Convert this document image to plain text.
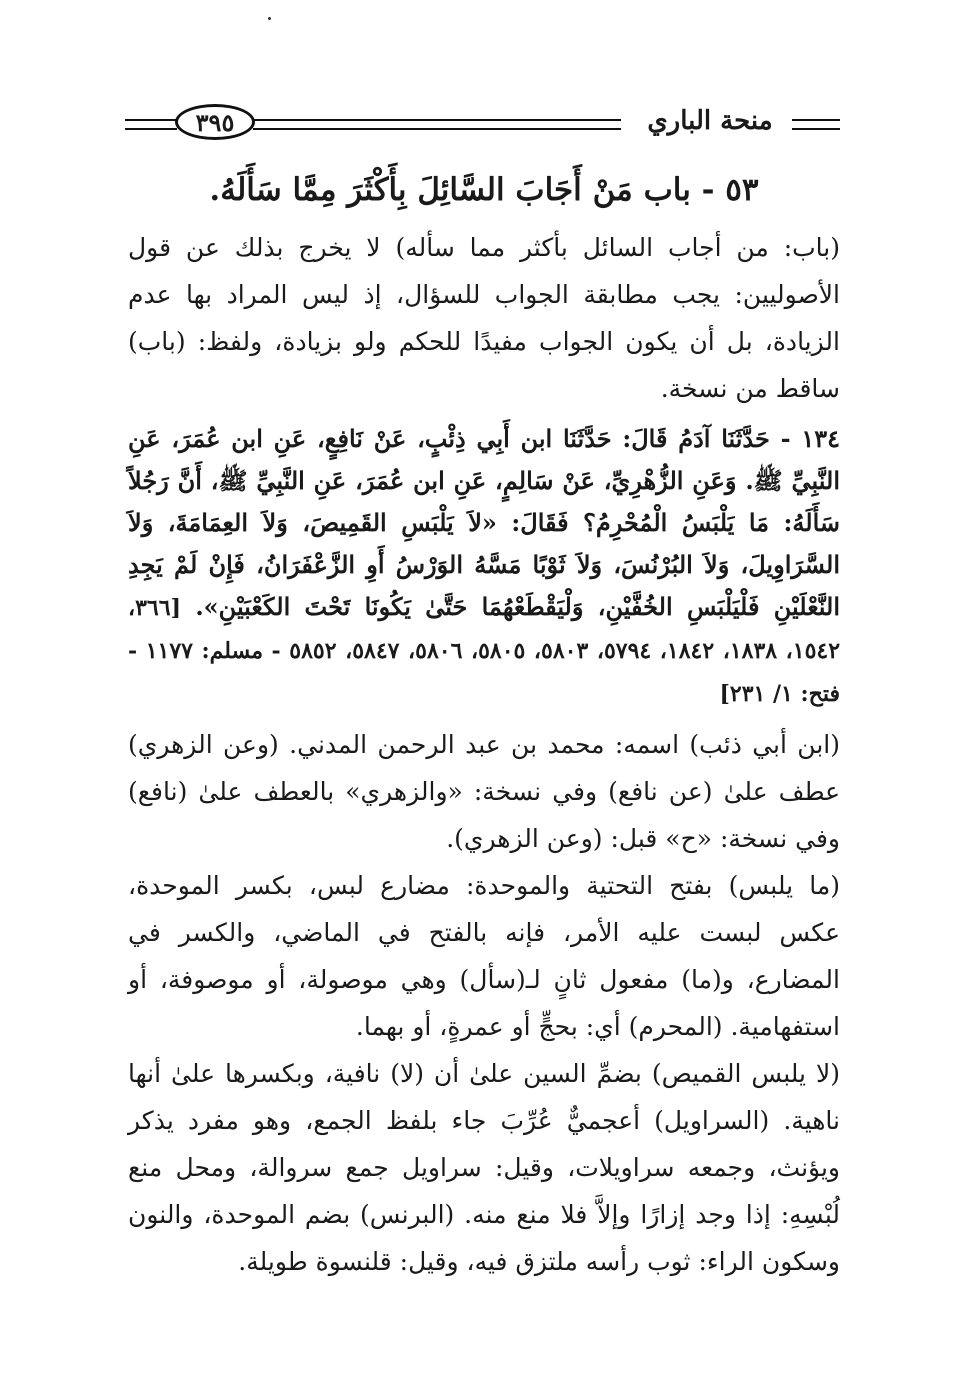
٣٩٥	منحة الباري
٥٣ - باب مَنْ أَجَابَ السَّائِلَ بِأَكْثَرَ مِمَّا سَأَلَهُ.

(باب: من أجاب السائل بأكثر مما سأله) لا يخرج بذلك عن قول الأصوليين: يجب مطابقة الجواب للسؤال، إذ ليس المراد بها عدم الزيادة، بل أن يكون الجواب مفيدًا للحكم ولو بزيادة، ولفظ: (باب) ساقط من نسخة.

١٣٤ - حَدَّثَنَا آدَمُ قَالَ: حَدَّثَنَا ابن أَبِي ذِئْبٍ، عَنْ نَافِعٍ، عَنِ ابن عُمَرَ، عَنِ النَّبِيِّ ﷺ. وَعَنِ الزُّهْرِيِّ، عَنْ سَالِمٍ، عَنِ ابن عُمَرَ، عَنِ النَّبِيِّ ﷺ، أَنَّ رَجُلاً سَأَلَهُ: مَا يَلْبَسُ الْمُحْرِمُ؟ فَقَالَ: «لاَ يَلْبَسِ القَمِيصَ، وَلاَ العِمَامَةَ، وَلاَ السَّرَاوِيلَ، وَلاَ البُرْنُسَ، وَلاَ ثَوْبًا مَسَّهُ الوَرْسُ أَوِ الزَّعْفَرَانُ، فَإِنْ لَمْ يَجِدِ النَّعْلَيْنِ فَلْيَلْبَسِ الخُفَّيْنِ، وَلْيَقْطَعْهُمَا حَتَّىٰ يَكُونَا تَحْتَ الكَعْبَيْنِ». [٣٦٦، ١٥٤٢، ١٨٣٨، ١٨٤٢، ٥٧٩٤، ٥٨٠٣، ٥٨٠٥، ٥٨٠٦، ٥٨٤٧، ٥٨٥٢ - مسلم: ١١٧٧ - فتح: ١/ ٢٣١]

(ابن أبي ذئب) اسمه: محمد بن عبد الرحمن المدني. (وعن الزهري) عطف علىٰ (عن نافع) وفي نسخة: «والزهري» بالعطف علىٰ (نافع) وفي نسخة: «ح» قبل: (وعن الزهري).

(ما يلبس) بفتح التحتية والموحدة: مضارع لبس، بكسر الموحدة، عكس لبست عليه الأمر، فإنه بالفتح في الماضي، والكسر في المضارع، و(ما) مفعول ثانٍ لـ(سأل) وهي موصولة، أو موصوفة، أو استفهامية. (المحرم) أي: بحجٍّ أو عمرةٍ، أو بهما.

(لا يلبس القميص) بضمِّ السين علىٰ أن (لا) نافية، وبكسرها علىٰ أنها ناهية. (السراويل) أعجميٌّ عُرِّبَ جاء بلفظ الجمع، وهو مفرد يذكر ويؤنث، وجمعه سراويلات، وقيل: سراويل جمع سروالة، ومحل منع لُبْسِهِ: إذا وجد إزارًا وإلاَّ فلا منع منه. (البرنس) بضم الموحدة، والنون وسكون الراء: ثوب رأسه ملتزق فيه، وقيل: قلنسوة طويلة.
